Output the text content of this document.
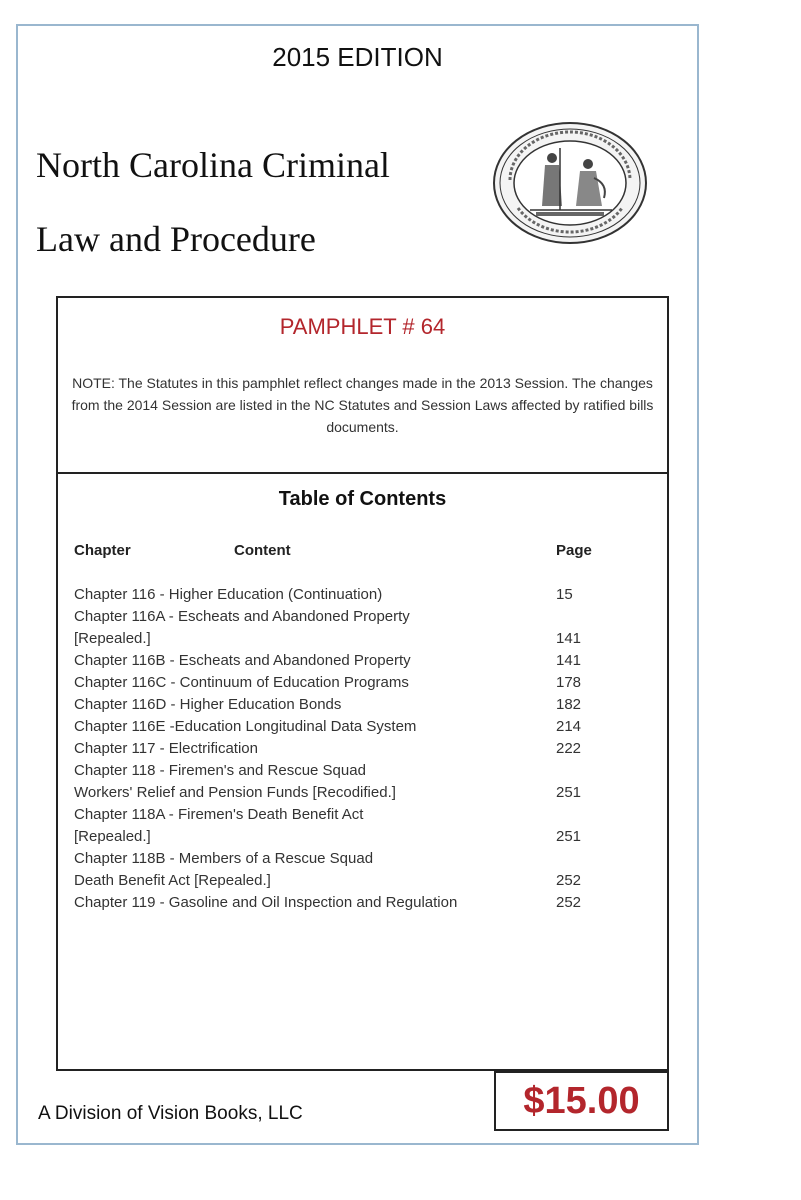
2015 EDITION
North Carolina Criminal
Law and Procedure
PAMPHLET # 64
NOTE: The Statutes in this pamphlet reflect changes made in the 2013 Session. The changes from the 2014 Session are listed in the NC Statutes and Session Laws affected by ratified bills documents.
Table of Contents
Chapter	Content	Page
Chapter 116 - Higher Education (Continuation)	15
Chapter 116A - Escheats and Abandoned Property
[Repealed.]	141
Chapter 116B - Escheats and Abandoned Property	141
Chapter 116C - Continuum of Education Programs	178
Chapter 116D - Higher Education Bonds	182
Chapter 116E -Education Longitudinal Data System	214
Chapter 117 - Electrification	222
Chapter 118 - Firemen's and Rescue Squad
Workers' Relief and Pension Funds [Recodified.]	251
Chapter 118A - Firemen's Death Benefit Act
[Repealed.]	251
Chapter 118B - Members of a Rescue Squad
Death Benefit Act [Repealed.]	252
Chapter 119 - Gasoline and Oil Inspection and Regulation	252
A Division of Vision Books, LLC	$15.00
